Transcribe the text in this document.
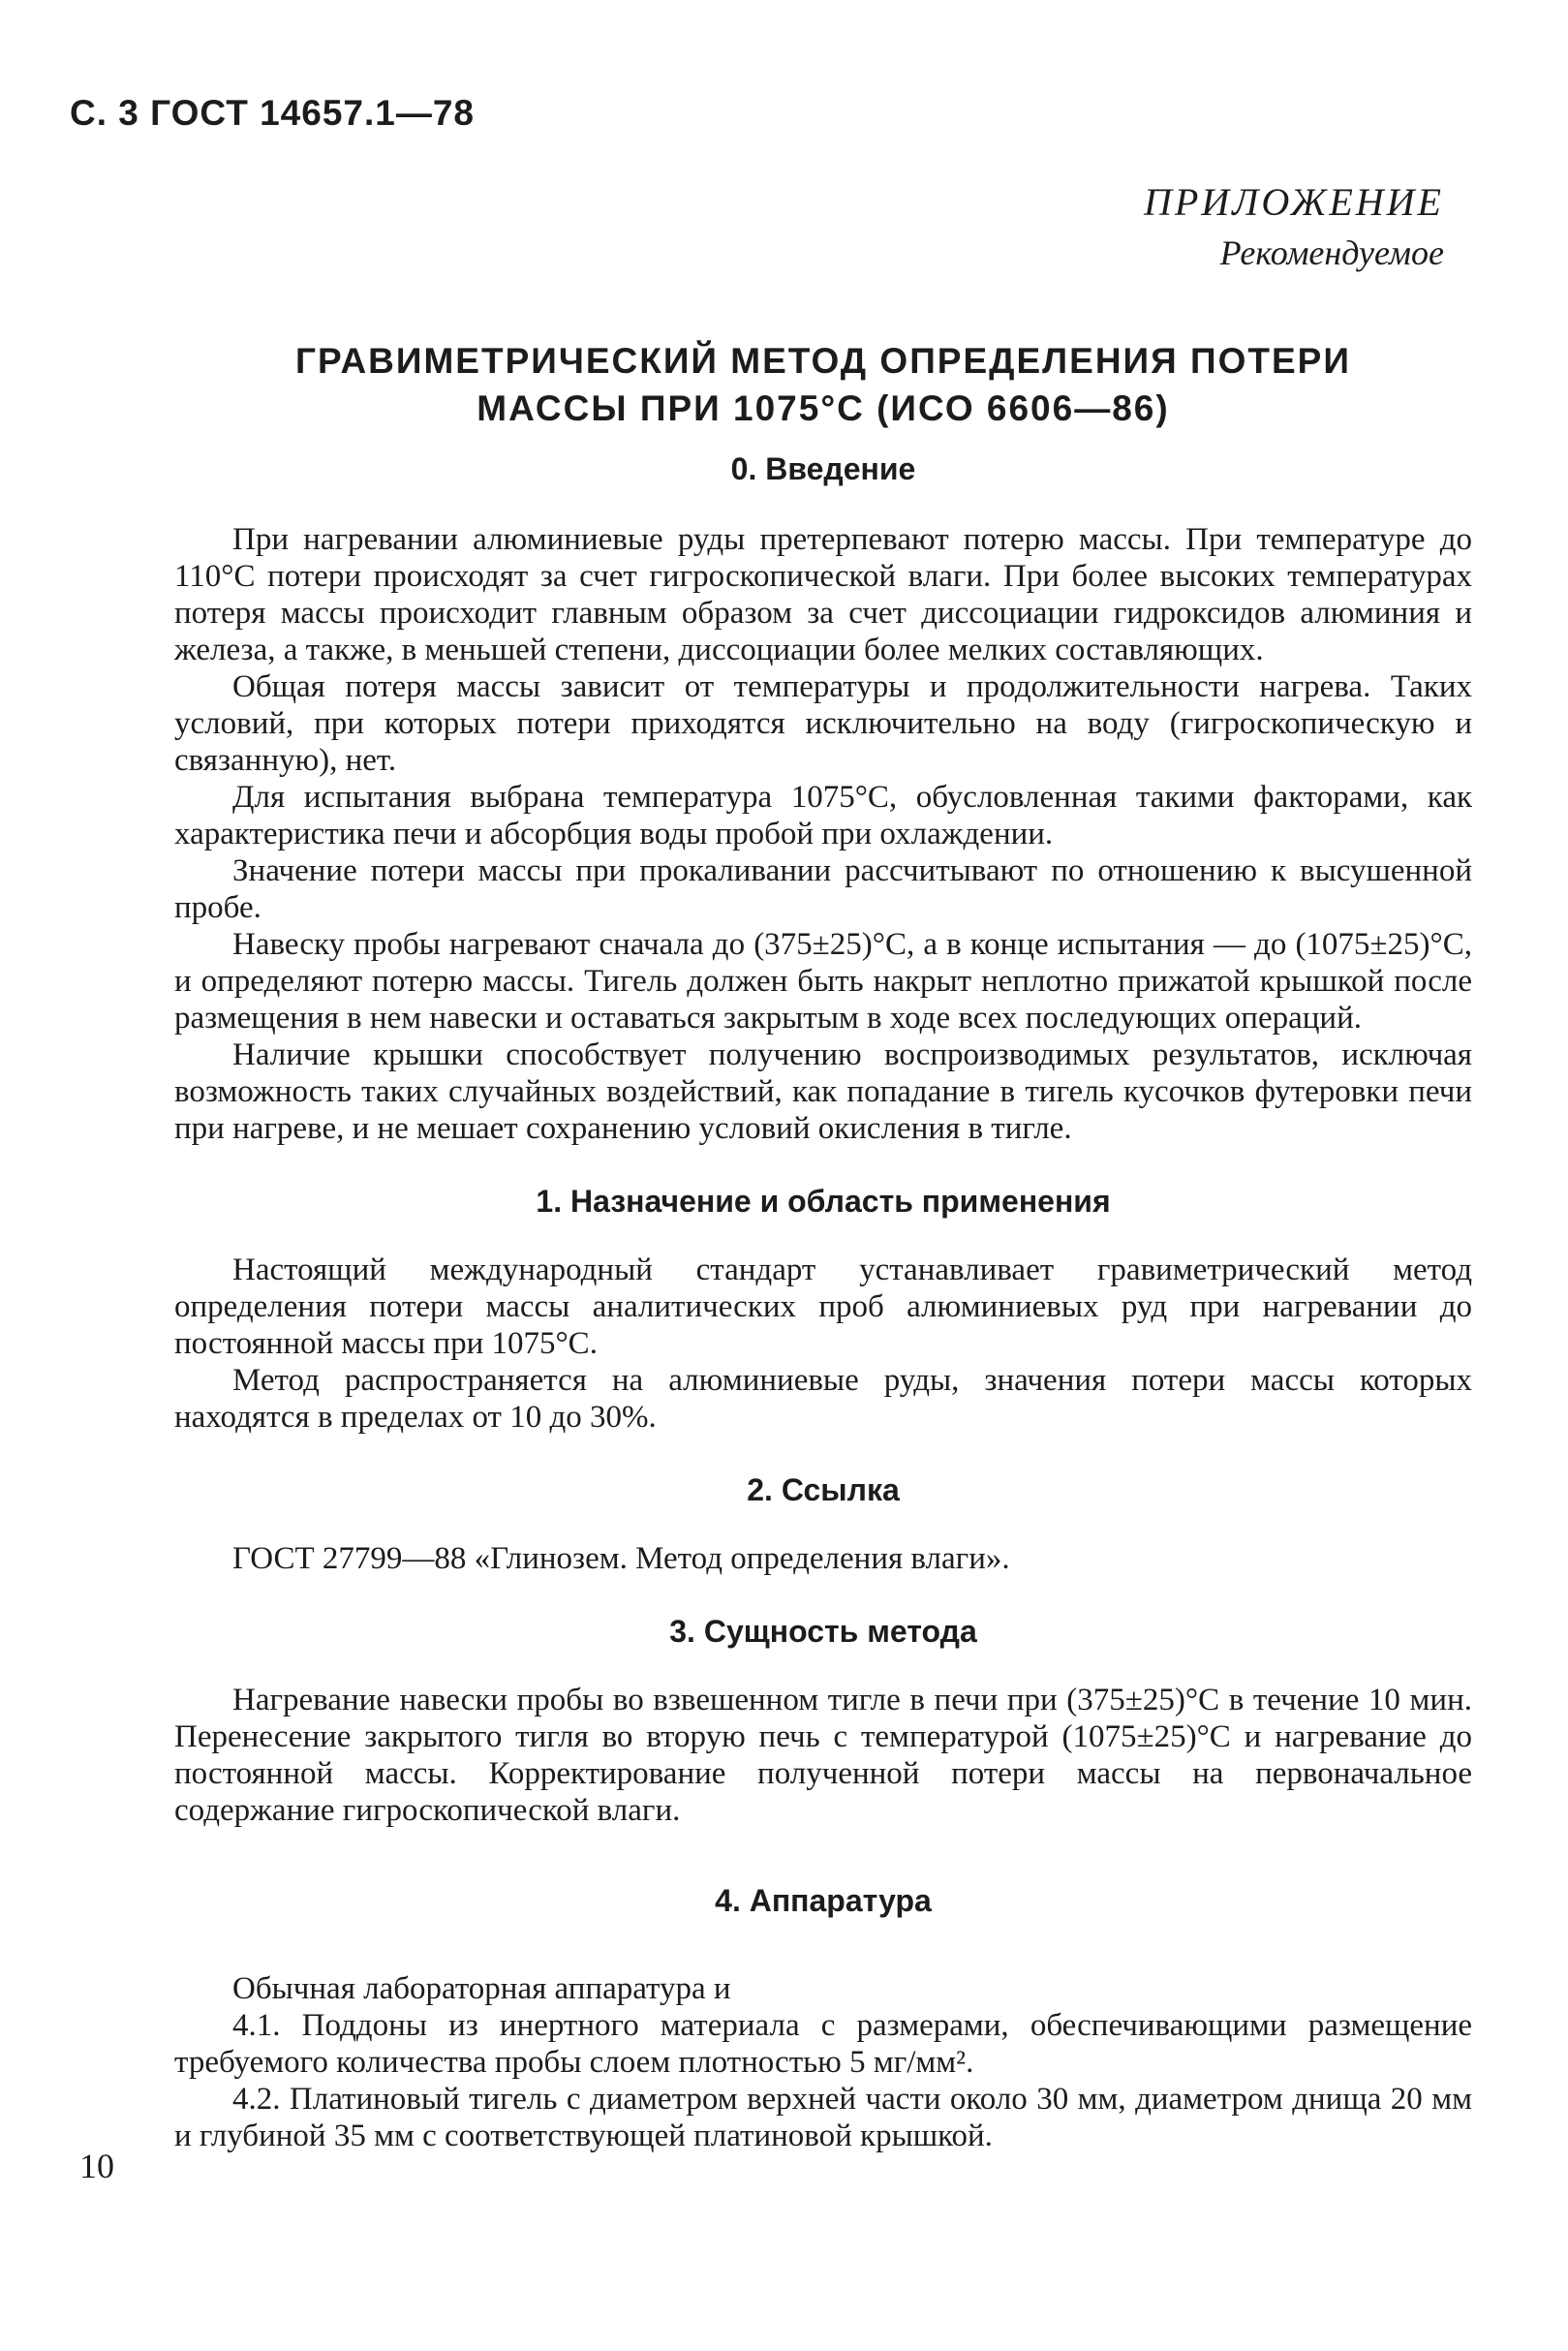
С. 3 ГОСТ 14657.1—78
ПРИЛОЖЕНИЕ
Рекомендуемое

ГРАВИМЕТРИЧЕСКИЙ МЕТОД ОПРЕДЕЛЕНИЯ ПОТЕРИ

МАССЫ ПРИ 1075°С (ИСО 6606—86)

0. Введение

При нагревании алюминиевые руды претерпевают потерю массы. При температуре до 110°С потери происходят за счет гигроскопической влаги. При более высоких температурах потеря массы происходит главным образом за счет диссоциации гидроксидов алюминия и железа, а также, в меньшей степени, диссоциации более мелких составляющих.

Общая потеря массы зависит от температуры и продолжительности нагрева. Таких условий, при которых потери приходятся исключительно на воду (гигроскопическую и связанную), нет.

Для испытания выбрана температура 1075°С, обусловленная такими факторами, как характеристика печи и абсорбция воды пробой при охлаждении.

Значение потери массы при прокаливании рассчитывают по отношению к высушенной пробе.

Навеску пробы нагревают сначала до (375±25)°С, а в конце испытания — до (1075±25)°С, и определяют потерю массы. Тигель должен быть накрыт неплотно прижатой крышкой после размещения в нем навески и оставаться закрытым в ходе всех последующих операций.

Наличие крышки способствует получению воспроизводимых результатов, исключая возможность таких случайных воздействий, как попадание в тигель кусочков футеровки печи при нагреве, и не мешает сохранению условий окисления в тигле.

1. Назначение и область применения

Настоящий международный стандарт устанавливает гравиметрический метод определения потери массы аналитических проб алюминиевых руд при нагревании до постоянной массы при 1075°С.

Метод распространяется на алюминиевые руды, значения потери массы которых находятся в пределах от 10 до 30%.

2. Ссылка

ГОСТ 27799—88 «Глинозем. Метод определения влаги».

3. Сущность метода

Нагревание навески пробы во взвешенном тигле в печи при (375±25)°С в течение 10 мин. Перенесение закрытого тигля во вторую печь с температурой (1075±25)°С и нагревание до постоянной массы. Корректирование полученной потери массы на первоначальное содержание гигроскопической влаги.

4. Аппаратура

Обычная лабораторная аппаратура и

4.1. Поддоны из инертного материала с размерами, обеспечивающими размещение требуемого количества пробы слоем плотностью 5 мг/мм².

4.2. Платиновый тигель с диаметром верхней части около 30 мм, диаметром днища 20 мм и глубиной 35 мм с соответствующей платиновой крышкой.

10
